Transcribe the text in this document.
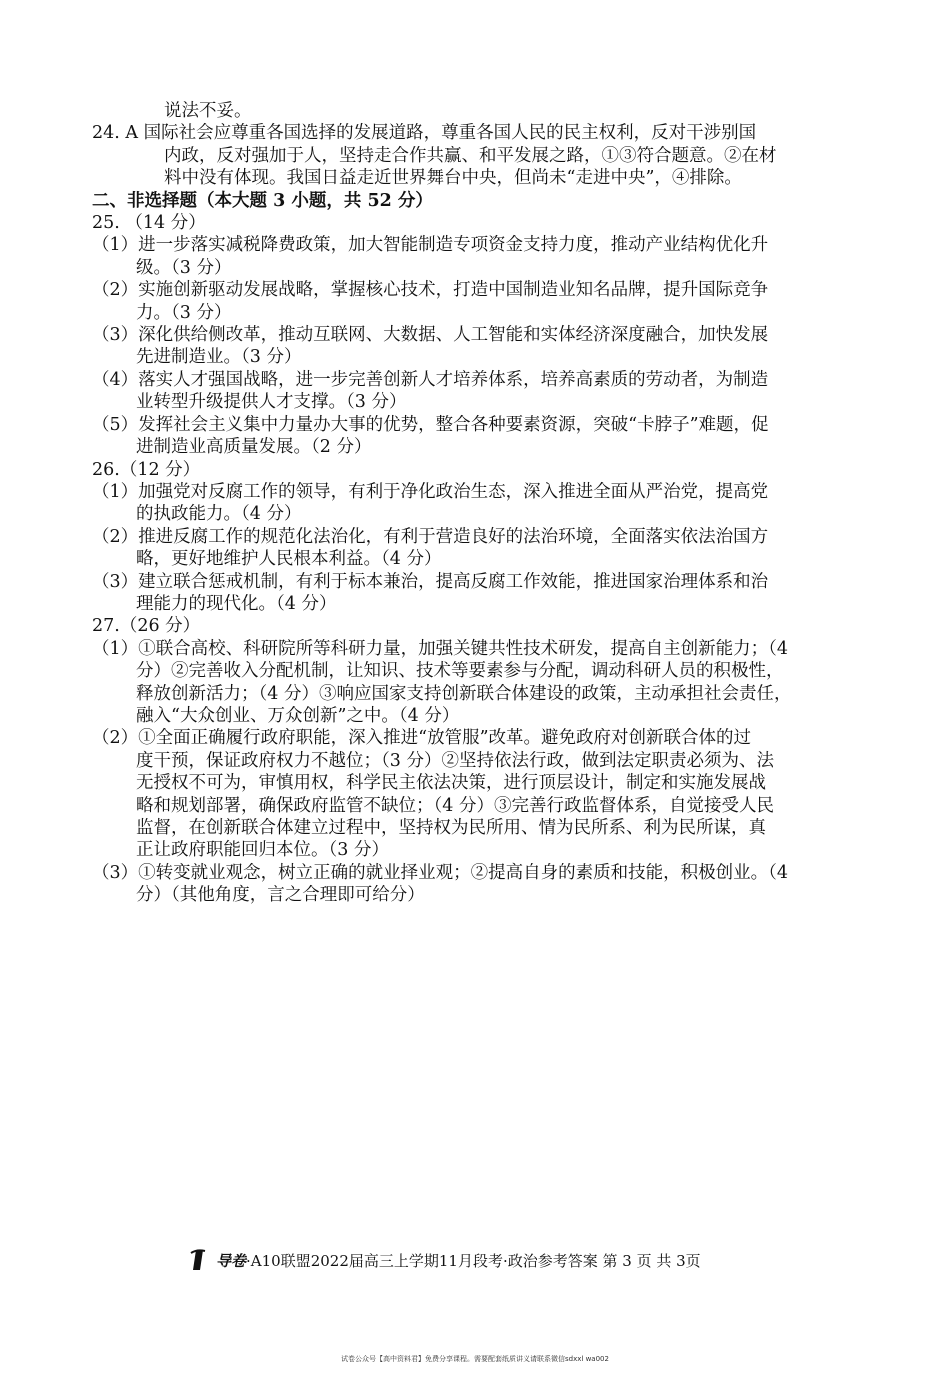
说法不妥。
24. A 国际社会应尊重各国选择的发展道路，尊重各国人民的民主权利，反对干涉别国
内政，反对强加于人，坚持走合作共赢、和平发展之路，①③符合题意。②在材
料中没有体现。我国日益走近世界舞台中央，但尚未“走进中央”，④排除。
二、非选择题（本大题 3 小题，共 52 分）
25. （14 分）
（1）进一步落实减税降费政策，加大智能制造专项资金支持力度，推动产业结构优化升
级。（3 分）
（2）实施创新驱动发展战略，掌握核心技术，打造中国制造业知名品牌，提升国际竞争
力。（3 分）
（3）深化供给侧改革，推动互联网、大数据、人工智能和实体经济深度融合，加快发展
先进制造业。（3 分）
（4）落实人才强国战略，进一步完善创新人才培养体系，培养高素质的劳动者，为制造
业转型升级提供人才支撑。（3 分）
（5）发挥社会主义集中力量办大事的优势，整合各种要素资源，突破“卡脖子”难题，促
进制造业高质量发展。（2 分）
26.（12 分）
（1）加强党对反腐工作的领导，有利于净化政治生态，深入推进全面从严治党，提高党
的执政能力。（4 分）
（2）推进反腐工作的规范化法治化，有利于营造良好的法治环境，全面落实依法治国方
略，更好地维护人民根本利益。（4 分）
（3）建立联合惩戒机制，有利于标本兼治，提高反腐工作效能，推进国家治理体系和治
理能力的现代化。（4 分）
27.（26 分）
（1）①联合高校、科研院所等科研力量，加强关键共性技术研发，提高自主创新能力；（4
分）②完善收入分配机制，让知识、技术等要素参与分配，调动科研人员的积极性，
释放创新活力；（4 分）③响应国家支持创新联合体建设的政策，主动承担社会责任，
融入“大众创业、万众创新”之中。（4 分）
（2）①全面正确履行政府职能，深入推进“放管服”改革。避免政府对创新联合体的过
度干预，保证政府权力不越位；（3 分）②坚持依法行政，做到法定职责必须为、法
无授权不可为，审慎用权，科学民主依法决策，进行顶层设计，制定和实施发展战
略和规划部署，确保政府监管不缺位；（4 分）③完善行政监督体系，自觉接受人民
监督，在创新联合体建立过程中，坚持权为民所用、情为民所系、利为民所谋，真
正让政府职能回归本位。（3 分）
（3）①转变就业观念，树立正确的就业择业观；②提高自身的素质和技能，积极创业。（4
分）（其他角度，言之合理即可给分）
导卷 ·A10联盟2022届高三上学期11月段考·政治参考答案 第 3 页 共 3页
试卷公众号【高中资料君】免费分享课程。需要配套纸质讲义请联系微信sdxxl wa002
